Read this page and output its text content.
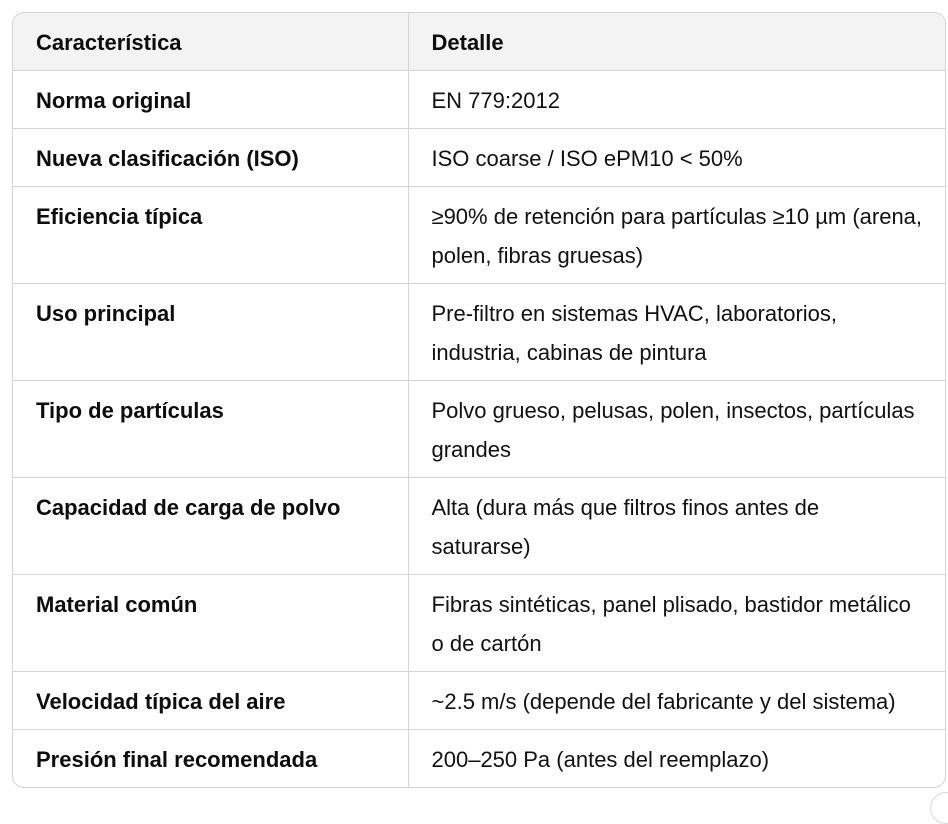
Característica	Detalle
Norma original	EN 779:2012
Nueva clasificación (ISO)	ISO coarse / ISO ePM10 < 50%
Eficiencia típica	≥90% de retención para partículas ≥10 µm (arena, polen, fibras gruesas)
Uso principal	Pre-filtro en sistemas HVAC, laboratorios, industria, cabinas de pintura
Tipo de partículas	Polvo grueso, pelusas, polen, insectos, partículas grandes
Capacidad de carga de polvo	Alta (dura más que filtros finos antes de saturarse)
Material común	Fibras sintéticas, panel plisado, bastidor metálico o de cartón
Velocidad típica del aire	~2.5 m/s (depende del fabricante y del sistema)
Presión final recomendada	200–250 Pa (antes del reemplazo)
